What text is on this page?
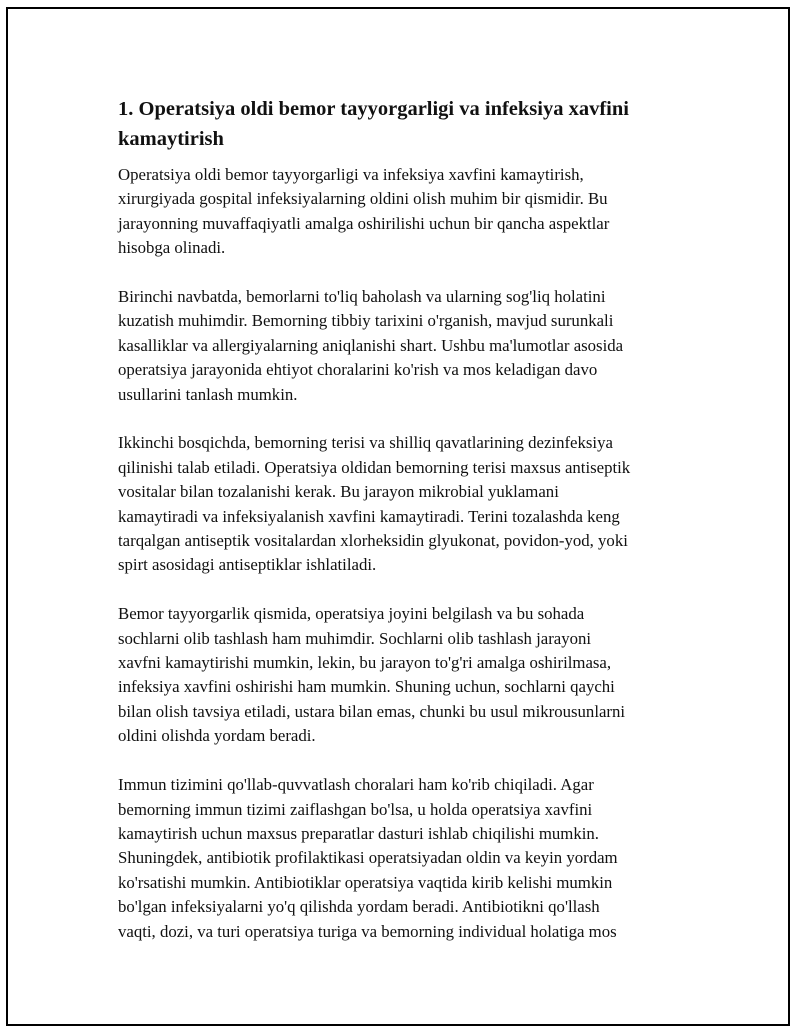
1. Operatsiya oldi bemor tayyorgarligi va infeksiya xavfini
kamaytirish

Operatsiya oldi bemor tayyorgarligi va infeksiya xavfini kamaytirish,
xirurgiyada gospital infeksiyalarning oldini olish muhim bir qismidir. Bu
jarayonning muvaffaqiyatli amalga oshirilishi uchun bir qancha aspektlar
hisobga olinadi.

Birinchi navbatda, bemorlarni to'liq baholash va ularning sog'liq holatini
kuzatish muhimdir. Bemorning tibbiy tarixini o'rganish, mavjud surunkali
kasalliklar va allergiyalarning aniqlanishi shart. Ushbu ma'lumotlar asosida
operatsiya jarayonida ehtiyot choralarini ko'rish va mos keladigan davo
usullarini tanlash mumkin.

Ikkinchi bosqichda, bemorning terisi va shilliq qavatlarining dezinfeksiya
qilinishi talab etiladi. Operatsiya oldidan bemorning terisi maxsus antiseptik
vositalar bilan tozalanishi kerak. Bu jarayon mikrobial yuklamani
kamaytiradi va infeksiyalanish xavfini kamaytiradi. Terini tozalashda keng
tarqalgan antiseptik vositalardan xlorheksidin glyukonat, povidon-yod, yoki
spirt asosidagi antiseptiklar ishlatiladi.

Bemor tayyorgarlik qismida, operatsiya joyini belgilash va bu sohada
sochlarni olib tashlash ham muhimdir. Sochlarni olib tashlash jarayoni
xavfni kamaytirishi mumkin, lekin, bu jarayon to'g'ri amalga oshirilmasa,
infeksiya xavfini oshirishi ham mumkin. Shuning uchun, sochlarni qaychi
bilan olish tavsiya etiladi, ustara bilan emas, chunki bu usul mikrousunlarni
oldini olishda yordam beradi.

Immun tizimini qo'llab-quvvatlash choralari ham ko'rib chiqiladi. Agar
bemorning immun tizimi zaiflashgan bo'lsa, u holda operatsiya xavfini
kamaytirish uchun maxsus preparatlar dasturi ishlab chiqilishi mumkin.
Shuningdek, antibiotik profilaktikasi operatsiyadan oldin va keyin yordam
ko'rsatishi mumkin. Antibiotiklar operatsiya vaqtida kirib kelishi mumkin
bo'lgan infeksiyalarni yo'q qilishda yordam beradi. Antibiotikni qo'llash
vaqti, dozi, va turi operatsiya turiga va bemorning individual holatiga mos
